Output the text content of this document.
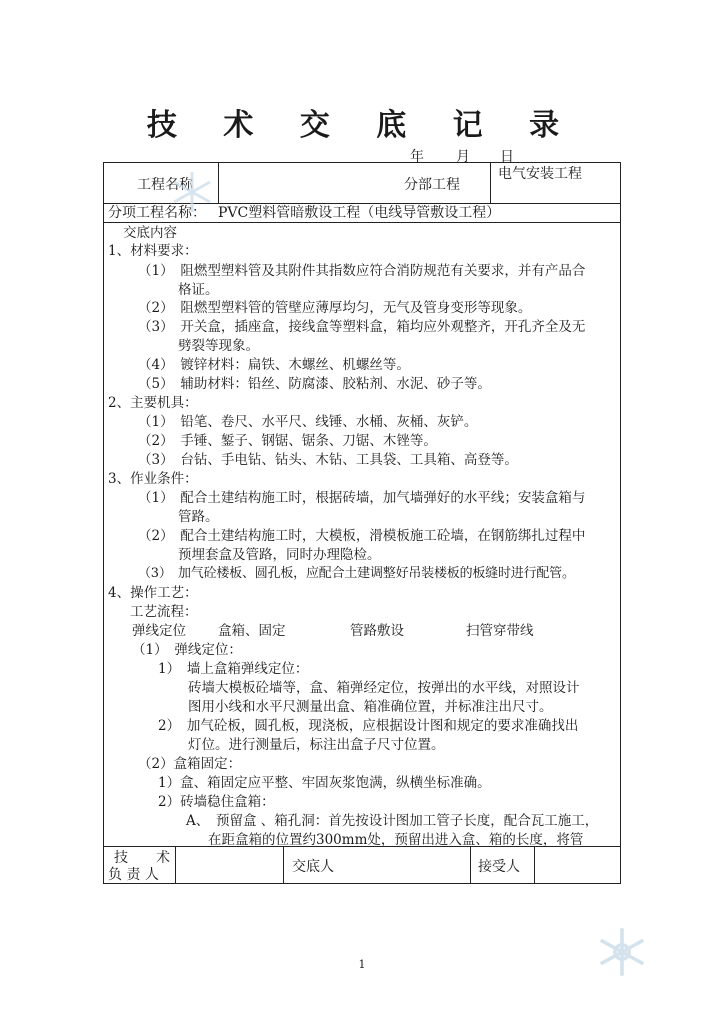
技 术 交 底 记 录
年 月 日
工程名称	分部工程
电气安装工程
分项工程名称： PVC塑料管暗敷设工程（电线导管敷设工程）
交底内容
1、材料要求：
（1）　阻燃型塑料管及其附件其指数应符合消防规范有关要求，并有产品合
格证。
（2）　阻燃型塑料管的管壁应薄厚均匀，无气及管身变形等现象。
（3）　开关盒，插座盒，接线盒等塑料盒，箱均应外观整齐，开孔齐全及无
劈裂等现象。
（4）　镀锌材料：扁铁、木螺丝、机螺丝等。
（5）　辅助材料：铅丝、防腐漆、胶粘剂、水泥、砂子等。
2、主要机具：
（1）　铅笔、卷尺、水平尺、线锤、水桶、灰桶、灰铲。
（2）　手锤、錾子、钢锯、锯条、刀锯、木锉等。
（3）　台钻、手电钻、钻头、木钻、工具袋、工具箱、高登等。
3、作业条件：
（1）　配合土建结构施工时，根据砖墙，加气墙弹好的水平线；安装盒箱与
管路。
（2）　配合土建结构施工时，大模板，滑模板施工砼墙，在钢筋绑扎过程中
预埋套盒及管路，同时办理隐检。
（3）　加气砼楼板、圆孔板，应配合土建调整好吊装楼板的板缝时进行配管。
4、操作工艺：
工艺流程：
弹线定位 盒箱、固定	管路敷设	扫管穿带线
（1）　弹线定位：
1）　墙上盒箱弹线定位：
砖墙大模板砼墙等，盒、箱弹经定位，按弹出的水平线，对照设计
图用小线和水平尺测量出盒、箱准确位置，并标准注出尺寸。
2）　加气砼板，圆孔板，现浇板，应根据设计图和规定的要求准确找出
灯位。进行测量后，标注出盒子尺寸位置。
（2）盒箱固定：
1）盒、箱固定应平整、牢固灰浆饱满，纵横坐标准确。
2）砖墙稳住盒箱：
A、　预留盒 、箱孔洞：首先按设计图加工管子长度，配合瓦工施工，
在距盒箱的位置约300mm处，预留出进入盒、箱的长度，将管
技　　术
负 责 人	交底人	接受人
1
